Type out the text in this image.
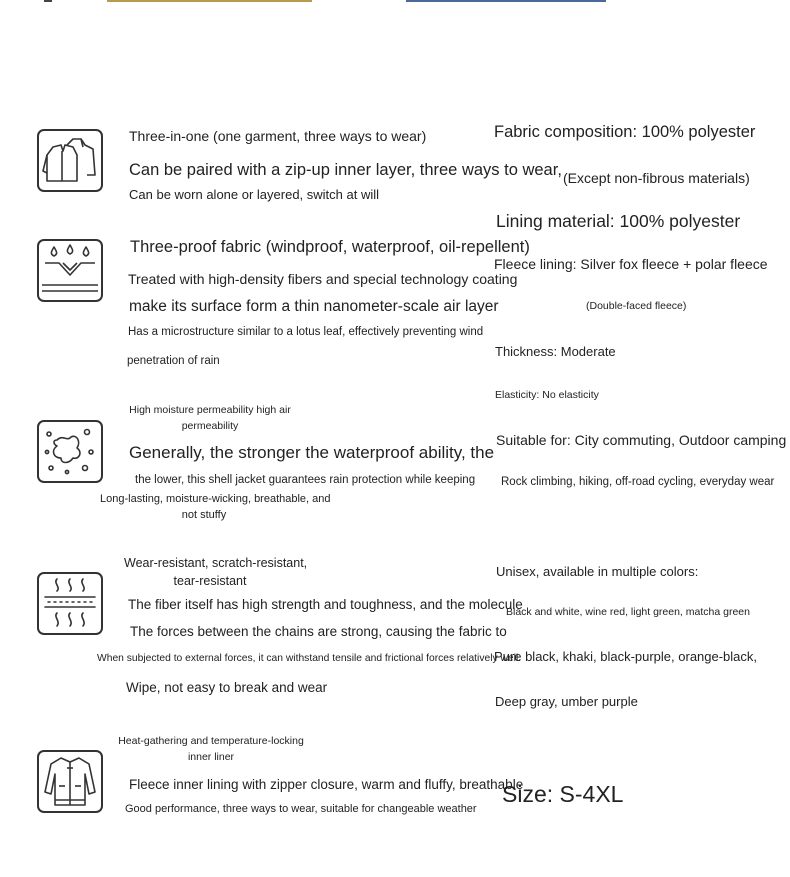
Three-in-one (one garment, three ways to wear)
Can be paired with a zip-up inner layer, three ways to wear,
Can be worn alone or layered, switch at will
Three-proof fabric (windproof, waterproof, oil-repellent)
Treated with high-density fibers and special technology coating
make its surface form a thin nanometer-scale air layer
Has a microstructure similar to a lotus leaf, effectively preventing wind
penetration of rain
High moisture permeability high air
permeability
Generally, the stronger the waterproof ability, the
the lower, this shell jacket guarantees rain protection while keeping
Long-lasting, moisture-wicking, breathable, and
not stuffy
Wear-resistant, scratch-resistant,
tear-resistant
The fiber itself has high strength and toughness, and the molecule
The forces between the chains are strong, causing the fabric to
When subjected to external forces, it can withstand tensile and frictional forces relatively well.
Wipe, not easy to break and wear
Heat-gathering and temperature-locking
inner liner
Fleece inner lining with zipper closure, warm and fluffy, breathable
Good performance, three ways to wear, suitable for changeable weather
Fabric composition: 100% polyester
(Except non-fibrous materials)
Lining material: 100% polyester
Fleece lining: Silver fox fleece + polar fleece
(Double-faced fleece)
Thickness: Moderate
Elasticity: No elasticity
Suitable for: City commuting, Outdoor camping
Rock climbing, hiking, off-road cycling, everyday wear
Unisex, available in multiple colors:
Black and white, wine red, light green, matcha green
Pure black, khaki, black-purple, orange-black,
Deep gray, umber purple
Size: S-4XL
